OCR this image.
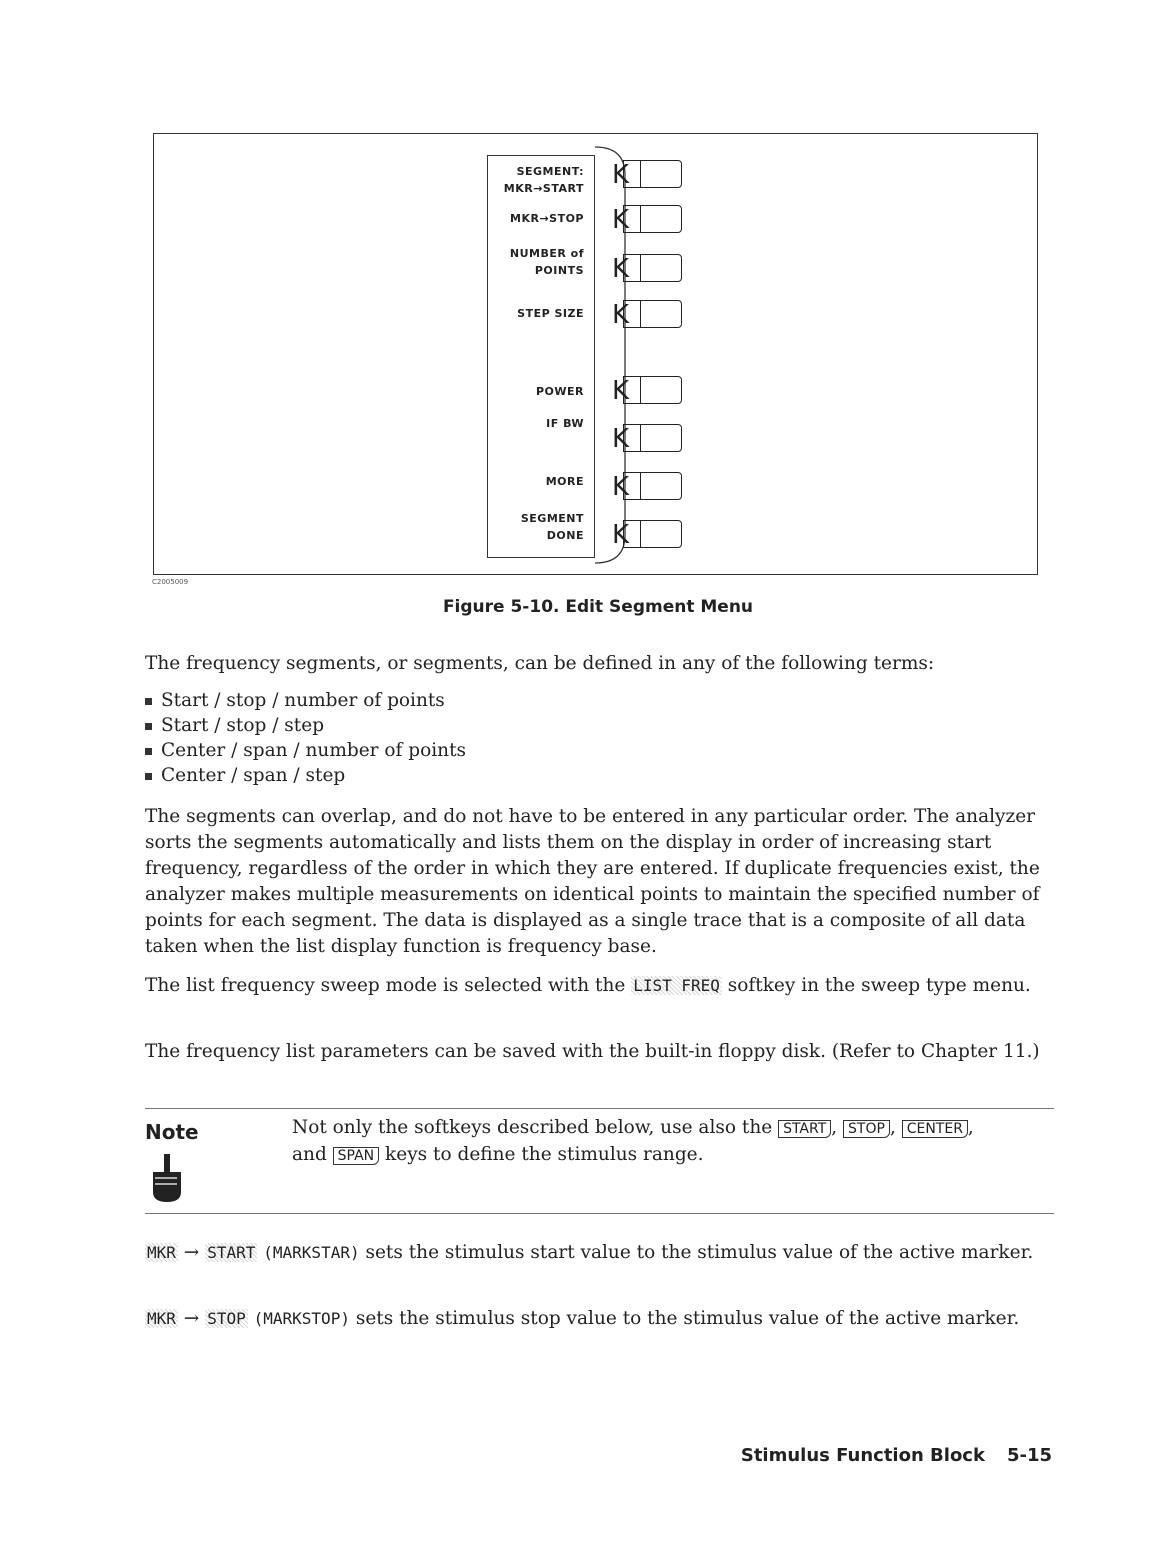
SEGMENT:
MKR→START
MKR→STOP
NUMBER of
POINTS
STEP SIZE
POWER
IF BW
MORE
SEGMENT
DONE
K
K
K
K
K
K
K
K
C2005009
Figure 5-10. Edit Segment Menu
The frequency segments, or segments, can be defined in any of the following terms:
Start / stop / number of points
Start / stop / step
Center / span / number of points
Center / span / step
The segments can overlap, and do not have to be entered in any particular order. The analyzer sorts the segments automatically and lists them on the display in order of increasing start frequency, regardless of the order in which they are entered. If duplicate frequencies exist, the analyzer makes multiple measurements on identical points to maintain the specified number of points for each segment. The data is displayed as a single trace that is a composite of all data taken when the list display function is frequency base.
The list frequency sweep mode is selected with the LIST FREQ softkey in the sweep type menu.
The frequency list parameters can be saved with the built-in floppy disk. (Refer to Chapter 11.)
Note	Not only the softkeys described below, use also the START , STOP , CENTER ,
and SPAN keys to define the stimulus range.
MKR → START (MARKSTAR) sets the stimulus start value to the stimulus value of the active marker.
MKR → STOP (MARKSTOP) sets the stimulus stop value to the stimulus value of the active marker.
Stimulus Function Block 5-15
